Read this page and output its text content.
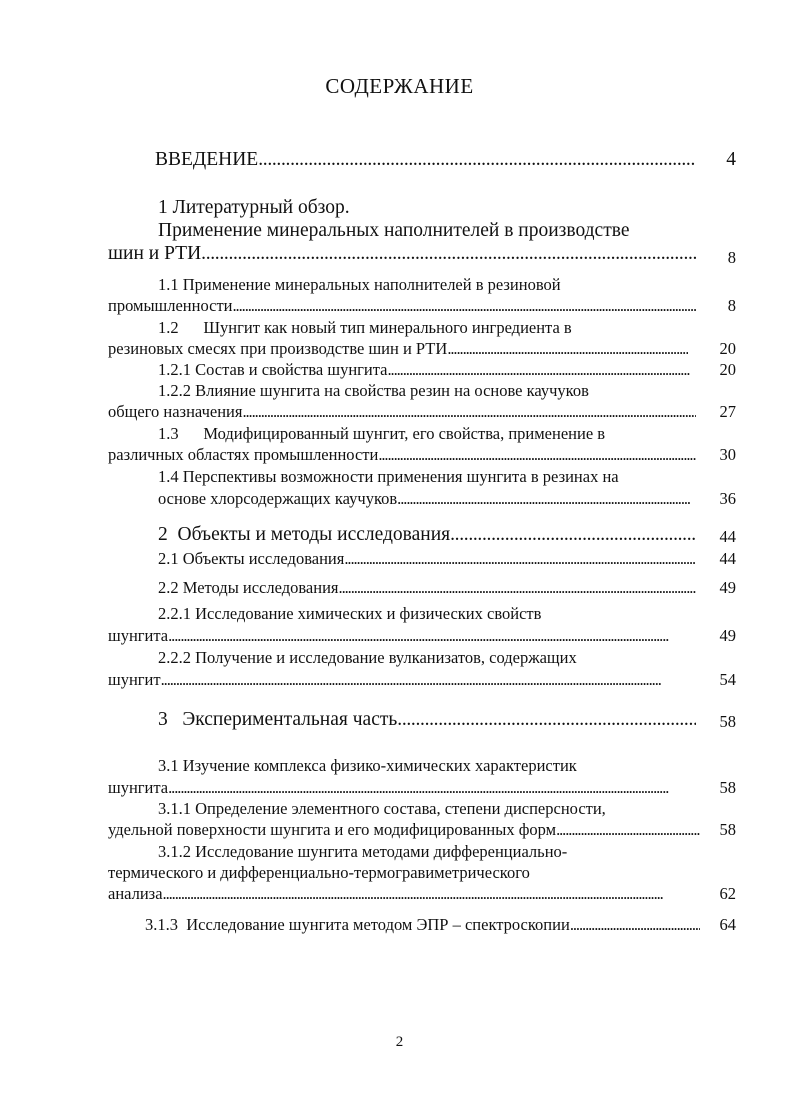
СОДЕРЖАНИЕ
ВВЕДЕНИЕ . . .	4
1 Литературный обзор.
Применение минеральных наполнителей в производстве
шин и РТИ . . .	8
1.1 Применение минеральных наполнителей в резиновой
промышленности . . .	8
1.2      Шунгит как новый тип минерального ингредиента в
резиновых смесях при производстве шин и РТИ . . .	20
1.2.1 Состав и свойства шунгита . . .	20
1.2.2 Влияние шунгита на свойства резин на основе каучуков
общего назначения . . .	27
1.3      Модифицированный шунгит, его свойства, применение в
различных областях промышленности . . .	30
1.4 Перспективы возможности применения шунгита в резинах на
основе хлорсодержащих каучуков . . .	36
2  Объекты и методы исследования . . .	44
2.1 Объекты исследования . . .	44
2.2 Методы исследования . . .	49
2.2.1 Исследование химических и физических свойств
шунгита . . .	49
2.2.2 Получение и исследование вулканизатов, содержащих
шунгит . . .	54
3   Экспериментальная часть . . .	58
3.1 Изучение комплекса физико-химических характеристик
шунгита . . .	58
3.1.1 Определение элементного состава, степени дисперсности,
удельной поверхности шунгита и его модифицированных форм . . .	58
3.1.2 Исследование шунгита методами дифференциально-
термического и дифференциально-термогравиметрического
анализа . . .	62
3.1.3  Исследование шунгита методом ЭПР – спектроскопии . . .	64
2
